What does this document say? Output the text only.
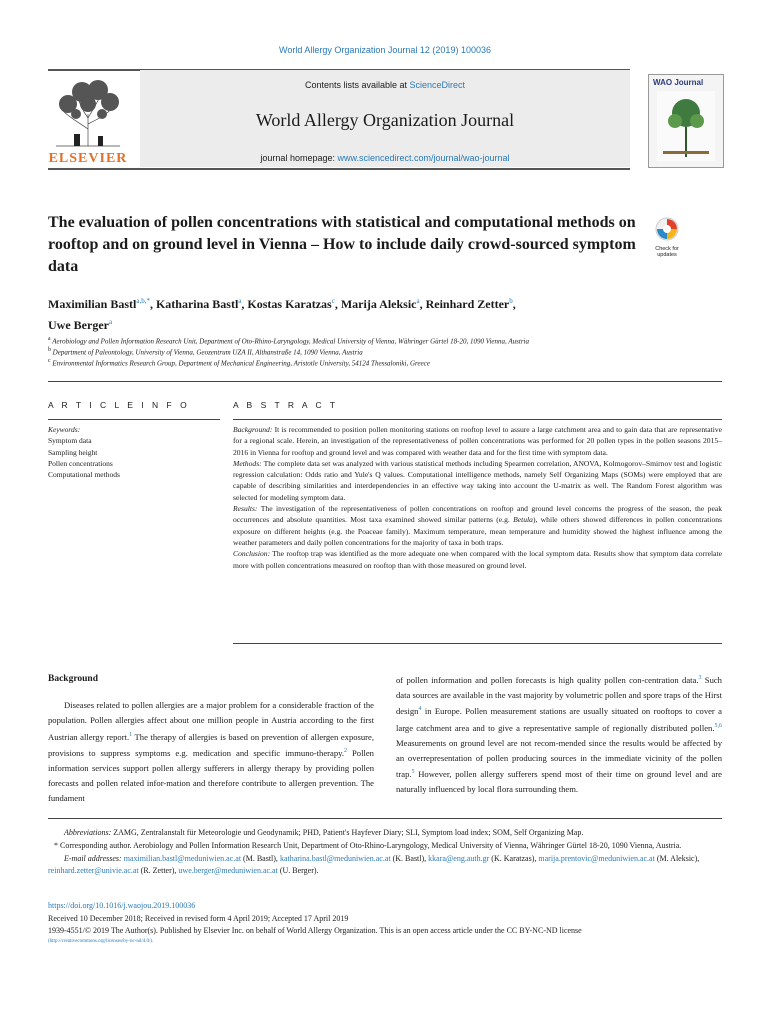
World Allergy Organization Journal 12 (2019) 100036
ELSEVIER
Contents lists available at ScienceDirect
World Allergy Organization Journal
journal homepage: www.sciencedirect.com/journal/wao-journal
WAO Journal
The evaluation of pollen concentrations with statistical and computational methods on rooftop and on ground level in Vienna – How to include daily crowd-sourced symptom data
Check for
updates
Maximilian Bastl$^{a,b,*}$, Katharina Bastl$^a$, Kostas Karatzas$^c$, Marija Aleksic$^a$, Reinhard Zetter$^b$,
Uwe Berger$^a$
$^a$ Aerobiology and Pollen Information Research Unit, Department of Oto-Rhino-Laryngology, Medical University of Vienna, Währinger Gürtel 18-20, 1090 Vienna, Austria
$^b$ Department of Paleontology, University of Vienna, Geozentrum UZA II, Althanstraße 14, 1090 Vienna, Austria
$^c$ Environmental Informatics Research Group, Department of Mechanical Engineering, Aristotle University, 54124 Thessaloniki, Greece
A R T I C L E I N F O
Keywords:
Symptom data
Sampling height
Pollen concentrations
Computational methods
A B S T R A C T
Background: It is recommended to position pollen monitoring stations on rooftop level to assure a large catchment area and to gain data that are representative for a regional scale. Herein, an investigation of the representativeness of pollen concentrations was performed for 20 pollen types in the pollen seasons 2015–2016 in Vienna for rooftop and ground level and was compared with weather data and for the first time with symptom data.
Methods: The complete data set was analyzed with various statistical methods including Spearmen correlation, ANOVA, Kolmogorov–Smirnov test and logistic regression calculation: Odds ratio and Yule's Q values. Computational intelligence methods, namely Self Organizing Maps (SOMs) were employed that are capable of describing similarities and interdependencies in an effective way taking into account the U-matrix as well. The Random Forest algorithm was selected for modeling symptom data.
Results: The investigation of the representativeness of pollen concentrations on rooftop and ground level concerns the progress of the season, the peak occurrences and absolute quantities. Most taxa examined showed similar patterns (e.g. Betula), while others showed differences in pollen concentrations exposure on different heights (e.g. the Poaceae family). Maximum temperature, mean temperature and humidity showed the highest influence among the weather parameters and daily pollen concentrations for the majority of taxa in both traps.
Conclusion: The rooftop trap was identified as the more adequate one when compared with the local symptom data. Results show that symptom data correlate more with pollen concentrations measured on rooftop than with those measured on ground level.
Background
Diseases related to pollen allergies are a major problem for a considerable fraction of the population. Pollen allergies affect about one million people in Austria according to the first Austrian allergy report.$^1$ The therapy of allergies is based on prevention of allergen exposure, provisions to suppress symptoms e.g. medication and specific immuno-therapy.$^2$ Pollen information services support pollen allergy sufferers in allergy therapy by providing pollen forecasts and pollen related infor-mation and therefore contribute to allergen prevention. The fundament
of pollen information and pollen forecasts is high quality pollen con-centration data.$^3$ Such data sources are available in the vast majority by volumetric pollen and spore traps of the Hirst design$^4$ in Europe. Pollen measurement stations are usually situated on rooftops to cover a large catchment area and to give a representative sample of regionally distributed pollen.$^{5,6}$ Measurements on ground level are not recom-mended since the results would be affected by an overrepresentation of pollen producing sources in the immediate vicinity of the pollen trap.$^5$ However, pollen allergy sufferers spend most of their time on ground level and are naturally influenced by local flora surrounding them.

Abbreviations: ZAMG, Zentralanstalt für Meteorologie und Geodynamik; PHD, Patient's Hayfever Diary; SLI, Symptom load index; SOM, Self Organizing Map.

* Corresponding author. Aerobiology and Pollen Information Research Unit, Department of Oto-Rhino-Laryngology, Medical University of Vienna, Währinger Gürtel 18-20, 1090 Vienna, Austria.

E-mail addresses: maximilian.bastl@meduniwien.ac.at (M. Bastl), katharina.bastl@meduniwien.ac.at (K. Bastl), kkara@eng.auth.gr (K. Karatzas), marija.prentovic@meduniwien.ac.at (M. Aleksic), reinhard.zetter@univie.ac.at (R. Zetter), uwe.berger@meduniwien.ac.at (U. Berger).

https://doi.org/10.1016/j.waojou.2019.100036
Received 10 December 2018; Received in revised form 4 April 2019; Accepted 17 April 2019
1939-4551/© 2019 The Author(s). Published by Elsevier Inc. on behalf of World Allergy Organization. This is an open access article under the CC BY-NC-ND license
(http://creativecommons.org/licenses/by-nc-nd/4.0/).
